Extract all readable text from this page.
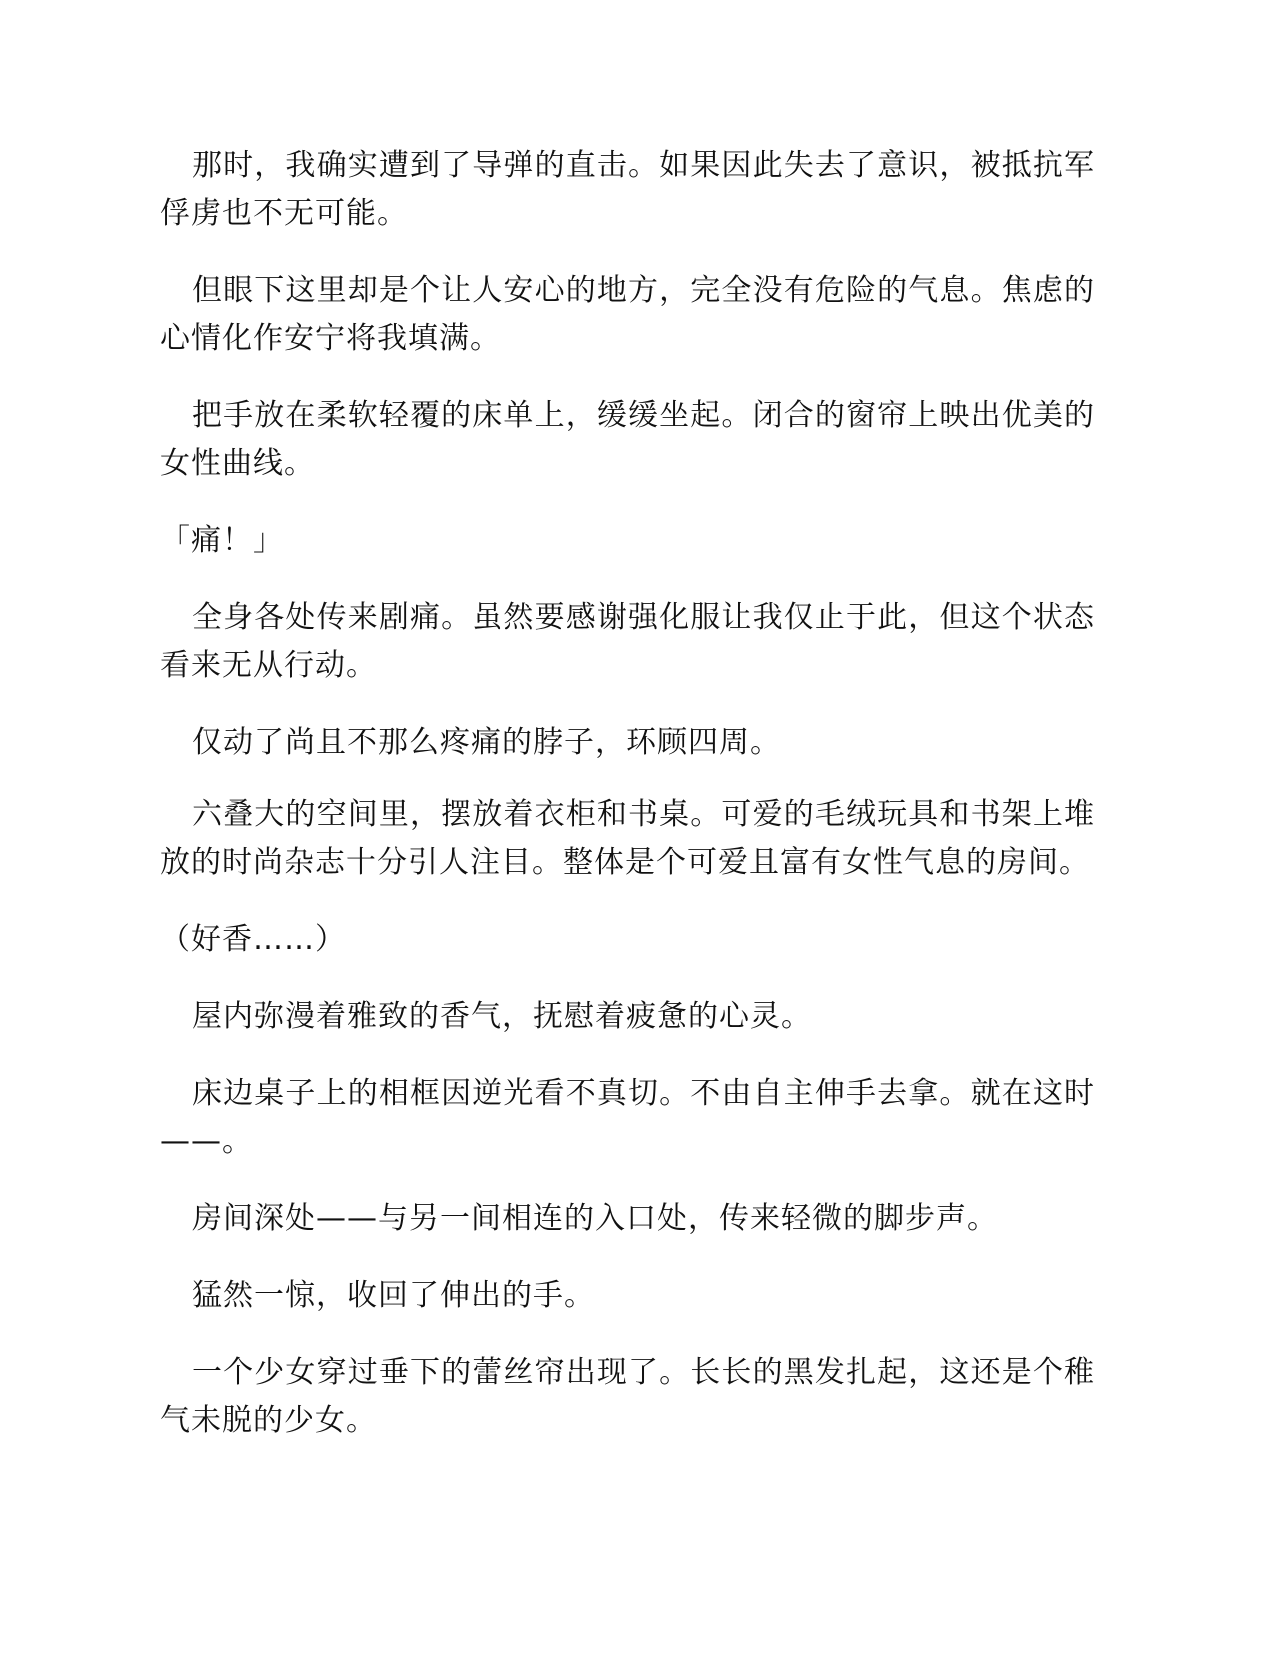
那时，我确实遭到了导弹的直击。如果因此失去了意识，被抵抗军俘虏也不无可能。

但眼下这里却是个让人安心的地方，完全没有危险的气息。焦虑的心情化作安宁将我填满。

把手放在柔软轻覆的床单上，缓缓坐起。闭合的窗帘上映出优美的女性曲线。

「痛！」

全身各处传来剧痛。虽然要感谢强化服让我仅止于此，但这个状态看来无从行动。

仅动了尚且不那么疼痛的脖子，环顾四周。

六叠大的空间里，摆放着衣柜和书桌。可爱的毛绒玩具和书架上堆放的时尚杂志十分引人注目。整体是个可爱且富有女性气息的房间。

（好香……）

屋内弥漫着雅致的香气，抚慰着疲惫的心灵。

床边桌子上的相框因逆光看不真切。不由自主伸手去拿。就在这时——。

房间深处——与另一间相连的入口处，传来轻微的脚步声。

猛然一惊，收回了伸出的手。

一个少女穿过垂下的蕾丝帘出现了。长长的黑发扎起，这还是个稚气未脱的少女。
